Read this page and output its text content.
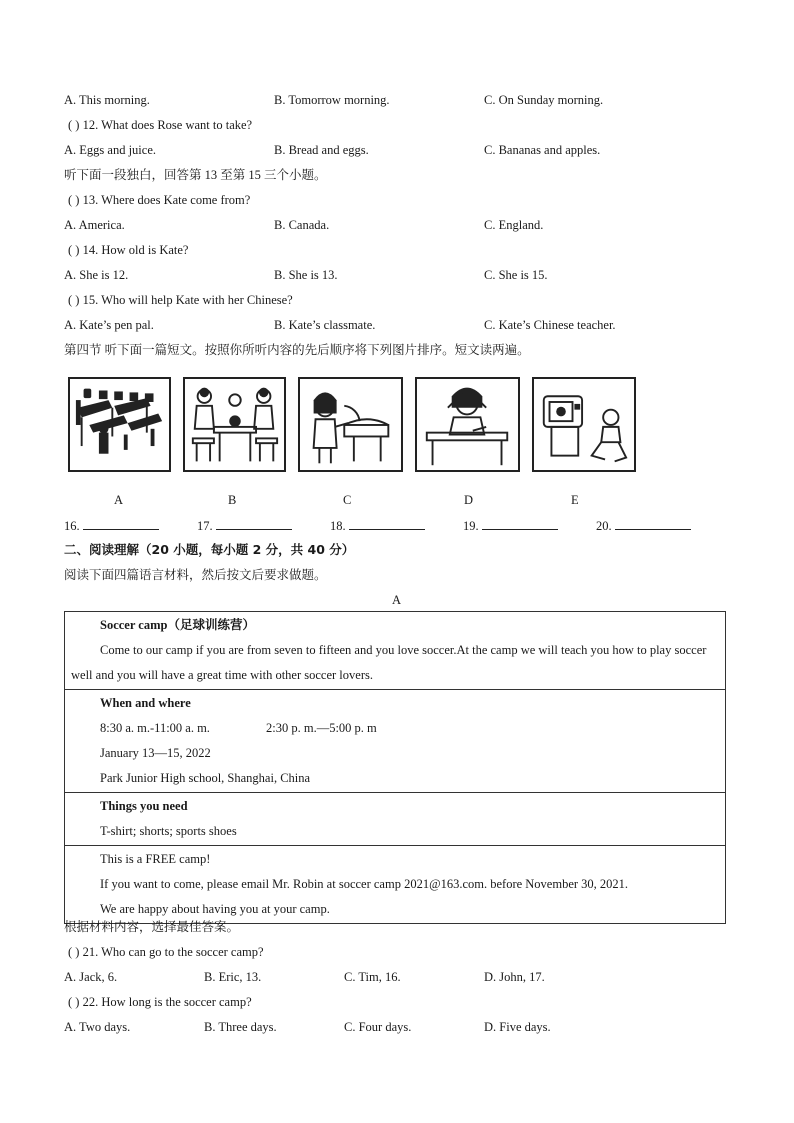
A. This morning.	B. Tomorrow morning.	C. On Sunday morning.
( ) 12. What does Rose want to take?
A. Eggs and juice.	B. Bread and eggs.	C. Bananas and apples.
听下面一段独白，回答第 13 至第 15 三个小题。
( ) 13. Where does Kate come from?
A. America.	B. Canada.	C. England.
( ) 14. How old is Kate?
A. She is 12.	B. She is 13.	C. She is 15.
( ) 15. Who will help Kate with her Chinese?
A. Kate’s pen pal.	B. Kate’s classmate.	C. Kate’s Chinese teacher.
第四节 听下面一篇短文。按照你所听内容的先后顺序将下列图片排序。短文读两遍。
A	B	C	D	E
16.	17.	18.	19.	20.
二、阅读理解（20 小题，每小题 2 分，共 40 分）
阅读下面四篇语言材料，然后按文后要求做题。
A
Soccer camp（足球训练营）
Come to our camp if you are from seven to fifteen and you love soccer.At the camp we will teach you how to play soccer well and you will have a great time with other soccer lovers.

When and where
8:30 a. m.-11:00 a. m.	2:30 p. m.—5:00 p. m
January 13—15, 2022
Park Junior High school, Shanghai, China

Things you need
T-shirt; shorts; sports shoes

This is a FREE camp!
If you want to come, please email Mr. Robin at soccer camp 2021@163.com. before November 30, 2021.
We are happy about having you at your camp.
根据材料内容，选择最佳答案。
( ) 21. Who can go to the soccer camp?
A. Jack, 6.	B. Eric, 13.	C. Tim, 16.	D. John, 17.
( ) 22. How long is the soccer camp?
A. Two days.	B. Three days.	C. Four days.	D. Five days.
